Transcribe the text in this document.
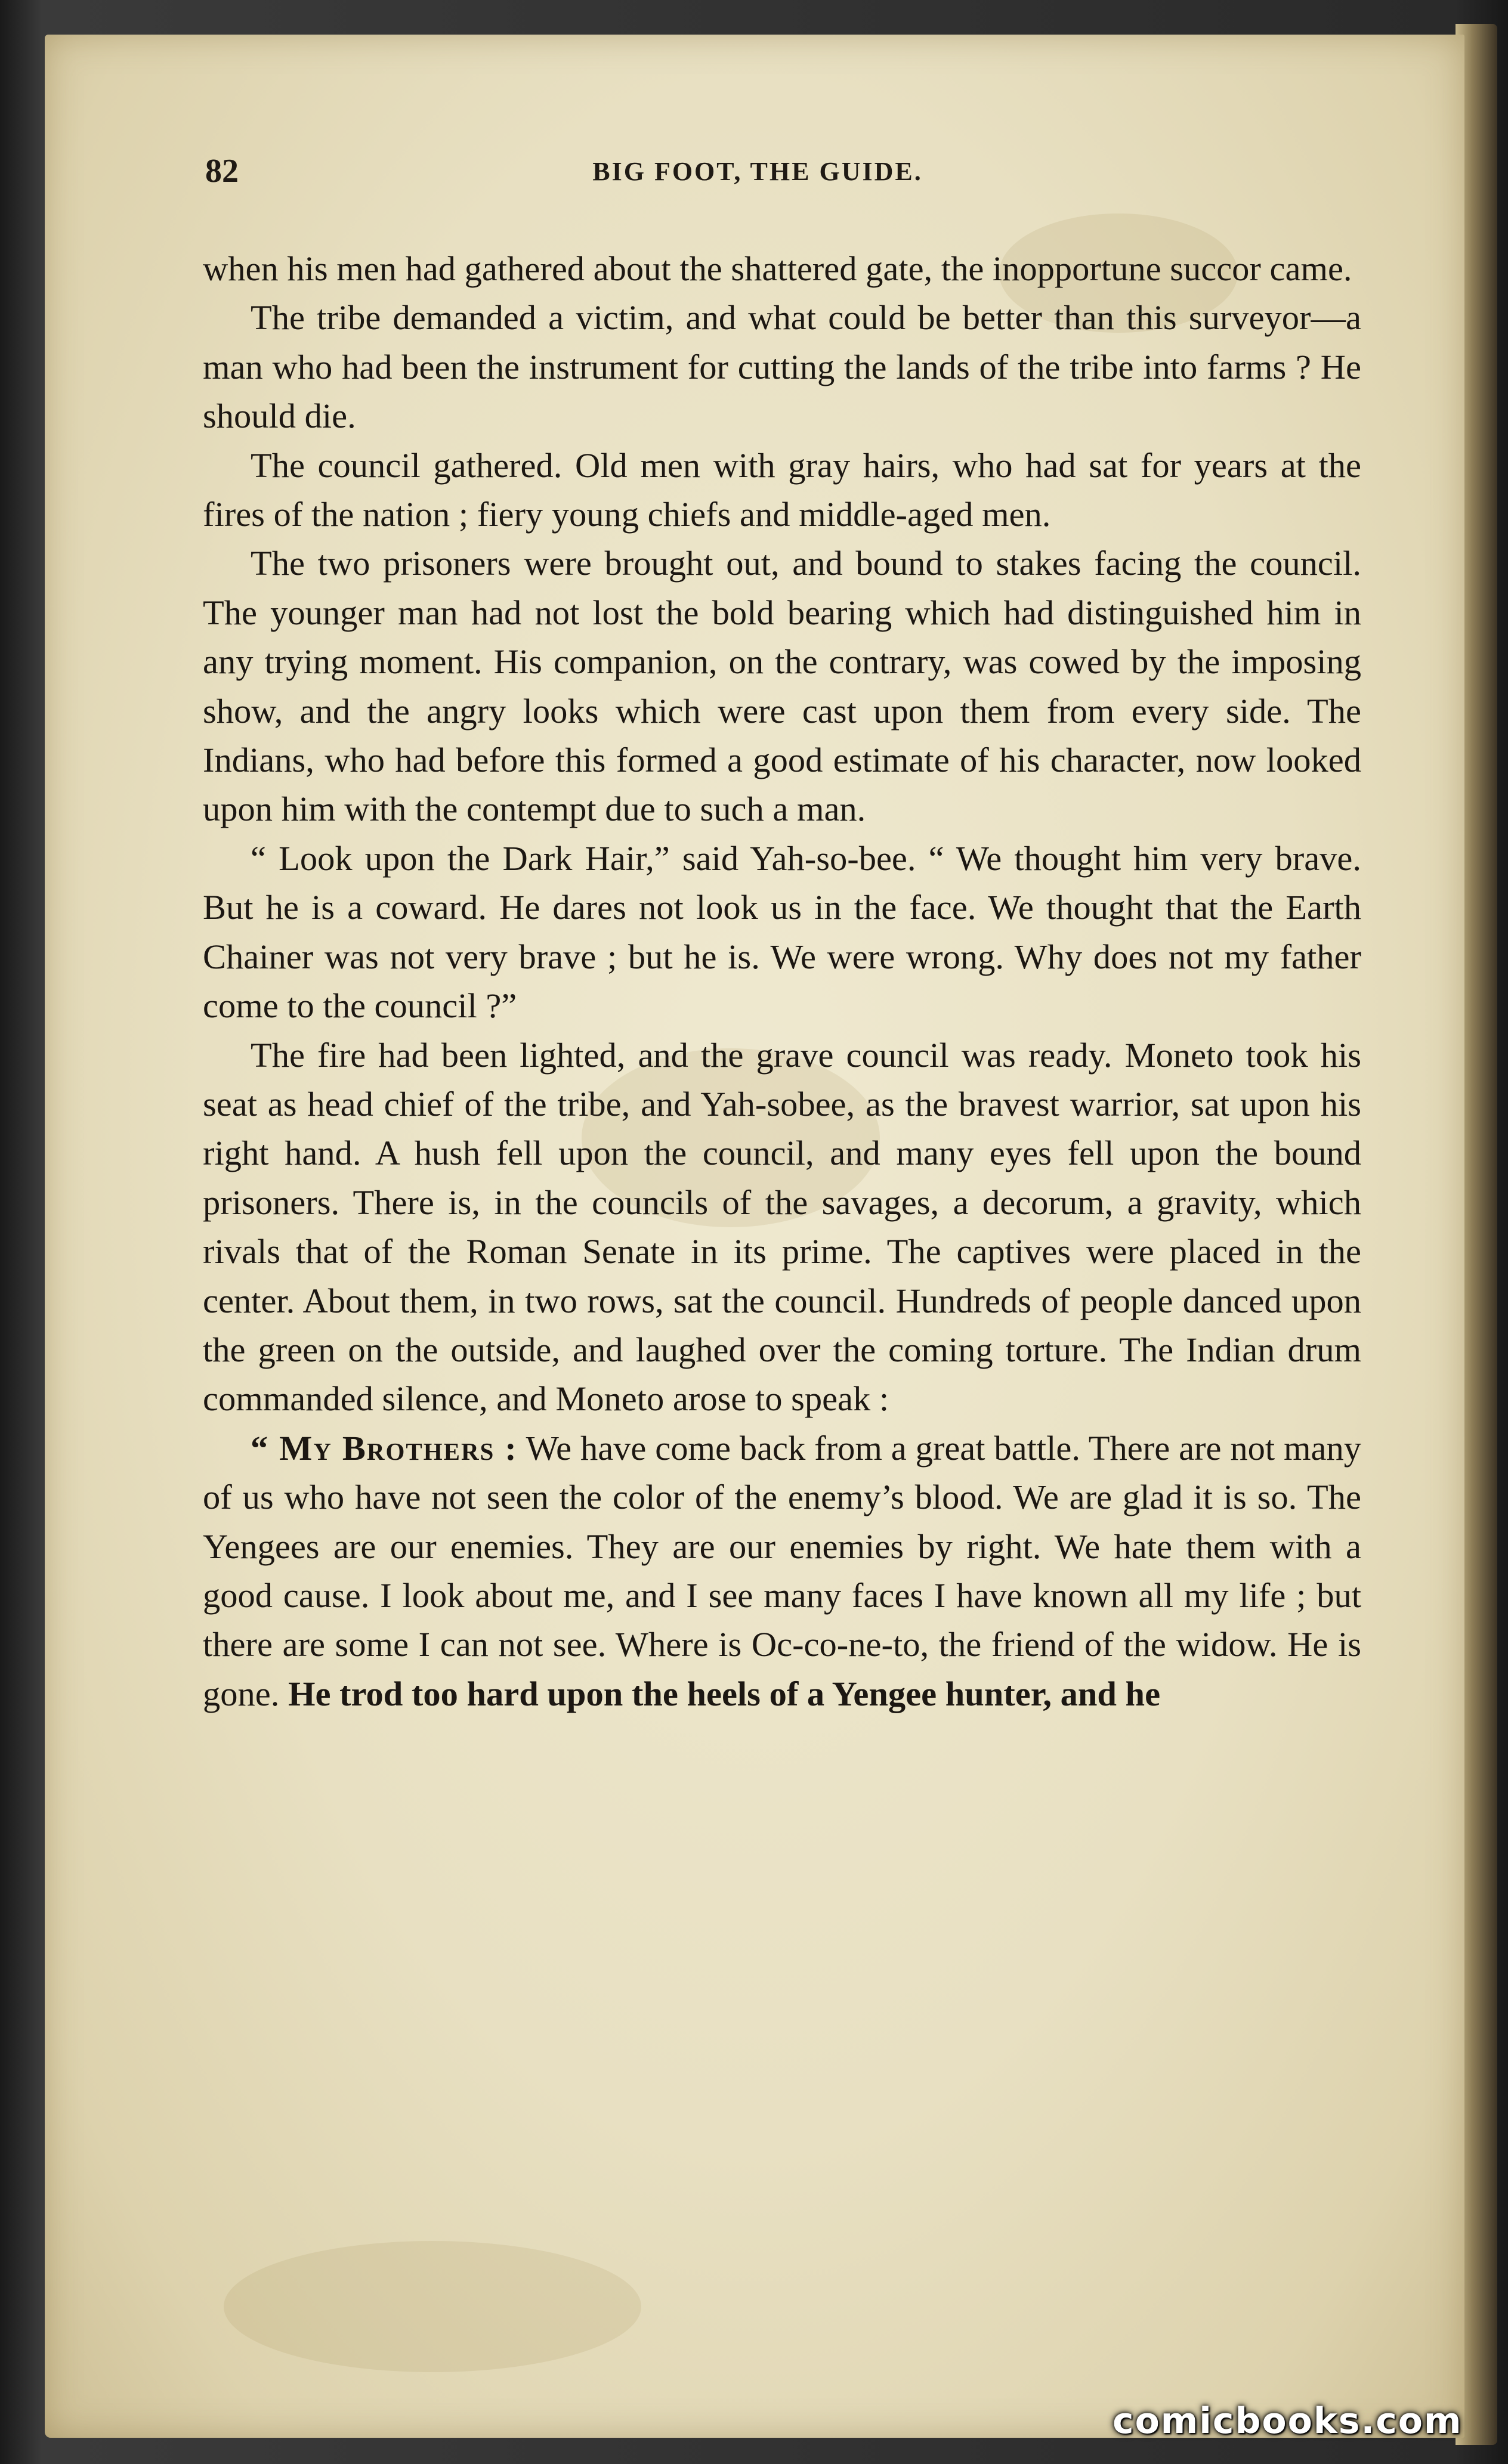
82	BIG FOOT, THE GUIDE.

when his men had gathered about the shattered gate, the inopportune succor came.

The tribe demanded a victim, and what could be better than this surveyor—a man who had been the instrument for cutting the lands of the tribe into farms ? He should die.

The council gathered. Old men with gray hairs, who had sat for years at the fires of the nation ; fiery young chiefs and middle-aged men.

The two prisoners were brought out, and bound to stakes facing the council. The younger man had not lost the bold bearing which had distinguished him in any trying moment. His companion, on the contrary, was cowed by the imposing show, and the angry looks which were cast upon them from every side. The Indians, who had before this formed a good estimate of his character, now looked upon him with the contempt due to such a man.

“ Look upon the Dark Hair,” said Yah-so-bee. “ We thought him very brave. But he is a coward. He dares not look us in the face. We thought that the Earth Chainer was not very brave ; but he is. We were wrong. Why does not my father come to the council ?”

The fire had been lighted, and the grave council was ready. Moneto took his seat as head chief of the tribe, and Yah-sobee, as the bravest warrior, sat upon his right hand. A hush fell upon the council, and many eyes fell upon the bound prisoners. There is, in the councils of the savages, a decorum, a gravity, which rivals that of the Roman Senate in its prime. The captives were placed in the center. About them, in two rows, sat the council. Hundreds of people danced upon the green on the outside, and laughed over the coming torture. The Indian drum commanded silence, and Moneto arose to speak :

“ My Brothers : We have come back from a great battle. There are not many of us who have not seen the color of the enemy’s blood. We are glad it is so. The Yengees are our enemies. They are our enemies by right. We hate them with a good cause. I look about me, and I see many faces I have known all my life ; but there are some I can not see. Where is Oc-co-ne-to, the friend of the widow. He is gone. He trod too hard upon the heels of a Yengee hunter, and he

comicbooks.com
